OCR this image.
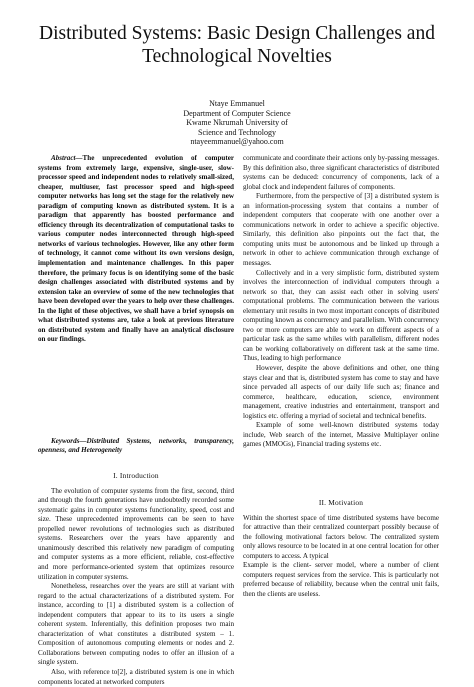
Distributed Systems: Basic Design Challenges and
Technological Novelties
Ntaye Emmanuel
Department of Computer Science
Kwame Nkrumah University of
Science and Technology
ntayeemmanuel@yahoo.com

Abstract—The unprecedented evolution of computer systems from extremely large, expensive, single-user, slow-processor speed and independent nodes to relatively small-sized, cheaper, multiuser, fast processor speed and high-speed computer networks has long set the stage for the relatively new paradigm of computing known as distributed system. It is a paradigm that apparently has boosted performance and efficiency through its decentralization of computational tasks to various computer nodes interconnected through high-speed networks of various technologies. However, like any other form of technology, it cannot come without its own versions design, implementation and maintenance challenges. In this paper therefore, the primary focus is on identifying some of the basic design challenges associated with distributed systems and by extension take an overview of some of the new technologies that have been developed over the years to help over these challenges. In the light of these objectives, we shall have a brief synopsis on what distributed systems are, take a look at previous literature on distributed system and finally have an analytical disclosure on our findings.

Keywords—Distributed Systems, networks, transparency, openness, and Heterogeneity

I. Introduction

The evolution of computer systems from the first, second, third and through the fourth generations have undoubtedly recorded some systematic gains in computer systems functionality, speed, cost and size. These unprecedented improvements can be seen to have propelled newer revolutions of technologies such as distributed systems. Researchers over the years have apparently and unanimously described this relatively new paradigm of computing and computer systems as a more efficient, reliable, cost-effective and more performance-oriented system that optimizes resource utilization in computer systems.

Nonetheless, researches over the years are still at variant with regard to the actual characterizations of a distributed system. For instance, according to [1] a distributed system is a collection of independent computers that appear to its to its users a single coherent system. Inferentially, this definition proposes two main characterization of what constitutes a distributed system – 1. Composition of autonomous computing elements or nodes and 2. Collaborations between computing nodes to offer an illusion of a single system.

Also, with reference to[2], a distributed system is one in which components located at networked computers

communicate and coordinate their actions only by-passing messages. By this definition also, three significant characteristics of distributed systems can be deduced: concurrency of components, lack of a global clock and independent failures of components.

Furthermore, from the perspective of [3] a distributed system is an information-processing system that contains a number of independent computers that cooperate with one another over a communications network in order to achieve a specific objective. Similarly, this definition also pinpoints out the fact that, the computing units must be autonomous and be linked up through a network in other to achieve communication through exchange of messages.

Collectively and in a very simplistic form, distributed system involves the interconnection of individual computers through a network so that, they can assist each other in solving users' computational problems. The communication between the various elementary unit results in two most important concepts of distributed computing known as concurrency and parallelism. With concurrency two or more computers are able to work on different aspects of a particular task as the same whiles with parallelism, different nodes can be working collaboratively on different task at the same time. Thus, leading to high performance

However, despite the above definitions and other, one thing stays clear and that is, distributed system has come to stay and have since pervaded all aspects of our daily life such as; finance and commerce, healthcare, education, science, environment management, creative industries and entertainment, transport and logistics etc. offering a myriad of societal and technical benefits.

Example of some well-known distributed systems today include, Web search of the internet, Massive Multiplayer online games (MMOGs), Financial trading systems etc.

II. Motivation

Within the shortest space of time distributed systems have become for attractive than their centralized counterpart possibly because of the following motivational factors below. The centralized system only allows resource to be located in at one central location for other computers to access. A typical

Example is the client- server model, where a number of client computers request services from the service. This is particularly not preferred because of reliability, because when the central unit fails, then the clients are useless.
